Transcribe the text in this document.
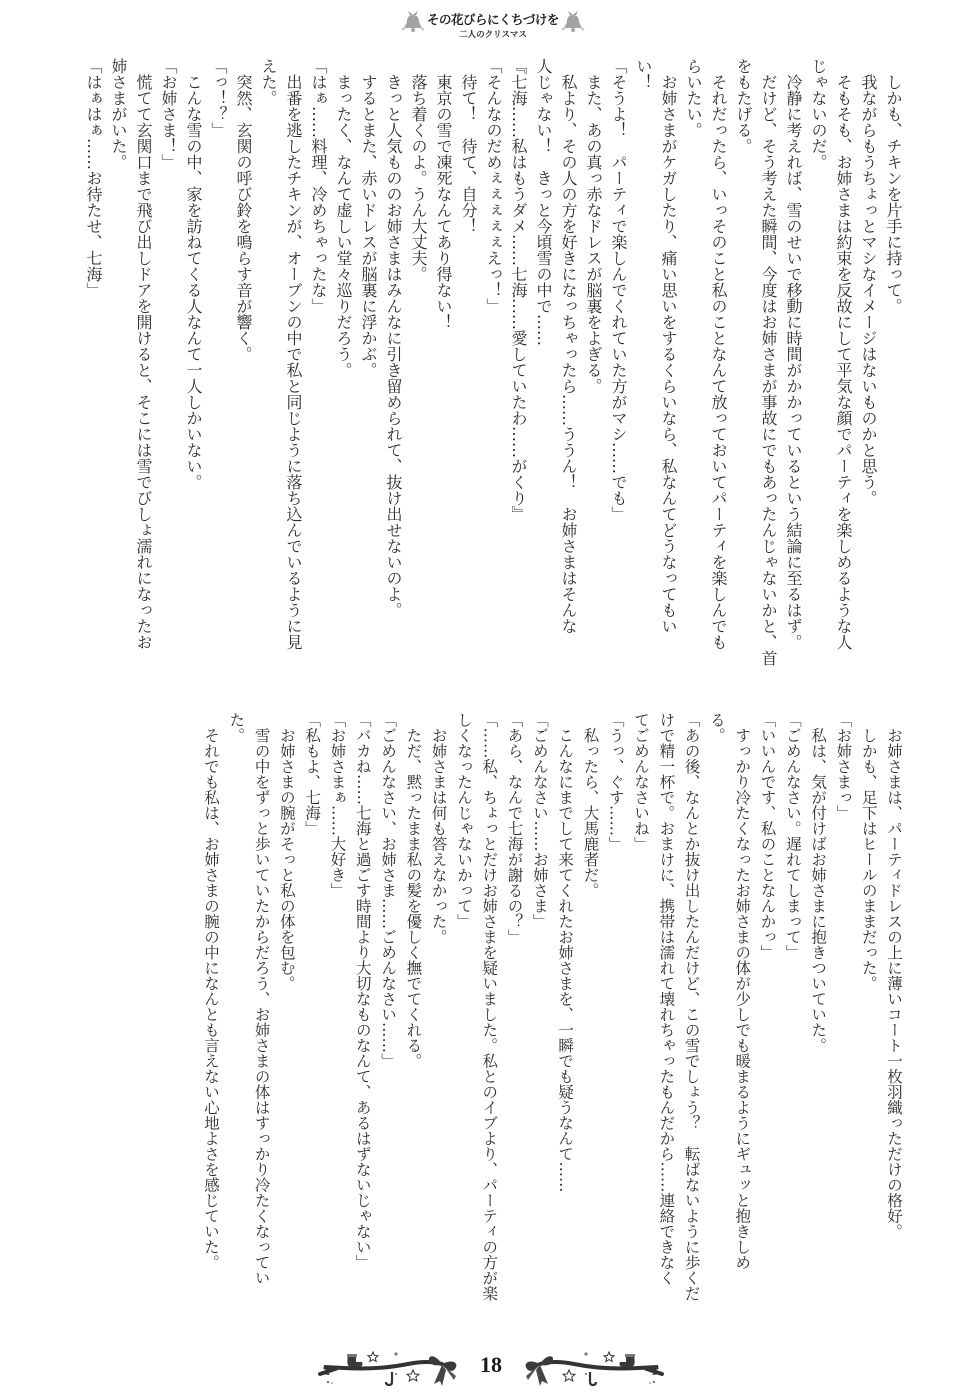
その花びらにくちづけを
二人のクリスマス
　しかも、チキンを片手に持って。
　我ながらもうちょっとマシなイメージはないものかと思う。
　そもそも、お姉さまは約束を反故にして平気な顔でパーティを楽しめるような人
じゃないのだ。
　冷静に考えれば、雪のせいで移動に時間がかかっているという結論に至るはず。
　だけど、そう考えた瞬間、今度はお姉さまが事故にでもあったんじゃないかと、首
をもたげる。
　それだったら、いっそのこと私のことなんて放っておいてパーティを楽しんでも
らいたい。
　お姉さまがケガしたり、痛い思いをするくらいなら、私なんてどうなってもい
い！
「そうよ！　パーティで楽しんでくれていた方がマシ……でも」
　また、あの真っ赤なドレスが脳裏をよぎる。
　私より、その人の方を好きになっちゃったら……ううん！　お姉さまはそんな
人じゃない！　きっと今頃雪の中で……
『七海……私はもうダメ……七海……愛していたわ……がくり』
「そんなのだめぇぇぇぇぇえっ！」
　待て！　待て、自分！
　東京の雪で凍死なんてあり得ない！
　落ち着くのよ。うん大丈夫。
　きっと人気もののお姉さまはみんなに引き留められて、抜け出せないのよ。
　するとまた、赤いドレスが脳裏に浮かぶ。
　まったく、なんて虚しい堂々巡りだろう。
「はぁ……料理、冷めちゃったな」
　出番を逃したチキンが、オーブンの中で私と同じように落ち込んでいるように見
えた。
　突然、玄関の呼び鈴を鳴らす音が響く。
「っ！？」
　こんな雪の中、家を訪ねてくる人なんて一人しかいない。
「お姉さま！」
　慌てて玄関口まで飛び出しドアを開けると、そこには雪でびしょ濡れになったお
姉さまがいた。
「はぁはぁ……お待たせ、七海」
　お姉さまは、パーティドレスの上に薄いコート一枚羽織っただけの格好。
　しかも、足下はヒールのままだった。
「お姉さまっ」
　私は、気が付けばお姉さまに抱きついていた。
「ごめんなさい。遅れてしまって」
「いいんです、私のことなんかっ」
　すっかり冷たくなったお姉さまの体が少しでも暖まるようにギュッと抱きしめ
る。
「あの後、なんとか抜け出したんだけど、この雪でしょう？　転ばないように歩くだ
けで精一杯で。おまけに、携帯は濡れて壊れちゃったもんだから……連絡できなく
てごめんなさいね」
「うっ、ぐす……」
　私ったら、大馬鹿者だ。
　こんなにまでして来てくれたお姉さまを、一瞬でも疑うなんて……
「ごめんなさい……お姉さま」
「あら、なんで七海が謝るの？」
「……私、ちょっとだけお姉さまを疑いました。私とのイブより、パーティの方が楽
しくなったんじゃないかって」
　お姉さまは何も答えなかった。
　ただ、黙ったまま私の髪を優しく撫でてくれる。
「ごめんなさい、お姉さま……ごめんなさい……」
「バカね……七海と過ごす時間より大切なものなんて、あるはずないじゃない」
「お姉さまぁ……大好き」
「私もよ、七海」
　お姉さまの腕がそっと私の体を包む。
　雪の中をずっと歩いていたからだろう、お姉さまの体はすっかり冷たくなってい
た。
　それでも私は、お姉さまの腕の中になんとも言えない心地よさを感じていた。
18
